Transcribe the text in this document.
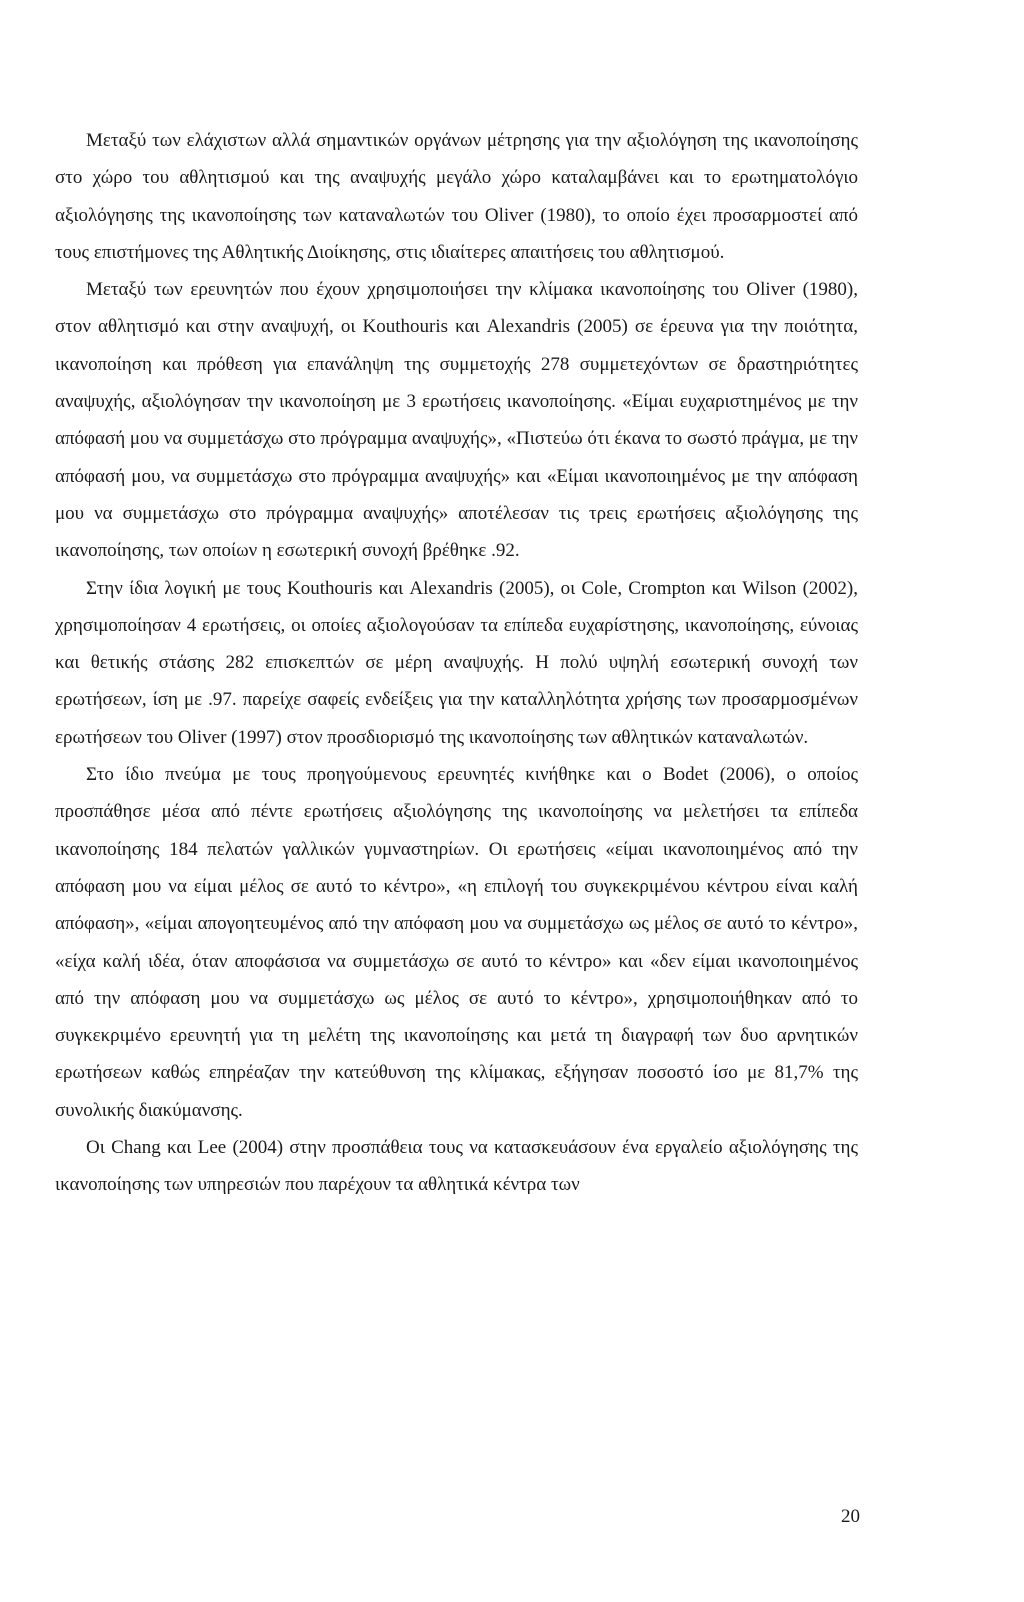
Μεταξύ των ελάχιστων αλλά σημαντικών οργάνων μέτρησης για την αξιολόγηση της ικανοποίησης στο χώρο του αθλητισμού και της αναψυχής μεγάλο χώρο καταλαμβάνει και το ερωτηματολόγιο αξιολόγησης της ικανοποίησης των καταναλωτών του Oliver (1980), το οποίο έχει προσαρμοστεί από τους επιστήμονες της Αθλητικής Διοίκησης, στις ιδιαίτερες απαιτήσεις του αθλητισμού.

Μεταξύ των ερευνητών που έχουν χρησιμοποιήσει την κλίμακα ικανοποίησης του Oliver (1980), στον αθλητισμό και στην αναψυχή, οι Kouthouris και Alexandris (2005) σε έρευνα για την ποιότητα, ικανοποίηση και πρόθεση για επανάληψη της συμμετοχής 278 συμμετεχόντων σε δραστηριότητες αναψυχής, αξιολόγησαν την ικανοποίηση με 3 ερωτήσεις ικανοποίησης. «Είμαι ευχαριστημένος με την απόφασή μου να συμμετάσχω στο πρόγραμμα αναψυχής», «Πιστεύω ότι έκανα το σωστό πράγμα, με την απόφασή μου, να συμμετάσχω στο πρόγραμμα αναψυχής» και «Είμαι ικανοποιημένος με την απόφαση μου να συμμετάσχω στο πρόγραμμα αναψυχής» αποτέλεσαν τις τρεις ερωτήσεις αξιολόγησης της ικανοποίησης, των οποίων η εσωτερική συνοχή βρέθηκε .92.

Στην ίδια λογική με τους Kouthouris και Alexandris (2005), οι Cole, Crompton και Wilson (2002), χρησιμοποίησαν 4 ερωτήσεις, οι οποίες αξιολογούσαν τα επίπεδα ευχαρίστησης, ικανοποίησης, εύνοιας και θετικής στάσης 282 επισκεπτών σε μέρη αναψυχής. Η πολύ υψηλή εσωτερική συνοχή των ερωτήσεων, ίση με .97. παρείχε σαφείς ενδείξεις για την καταλληλότητα χρήσης των προσαρμοσμένων ερωτήσεων του Oliver (1997) στον προσδιορισμό της ικανοποίησης των αθλητικών καταναλωτών.

Στο ίδιο πνεύμα με τους προηγούμενους ερευνητές κινήθηκε και ο Bodet (2006), ο οποίος προσπάθησε μέσα από πέντε ερωτήσεις αξιολόγησης της ικανοποίησης να μελετήσει τα επίπεδα ικανοποίησης 184 πελατών γαλλικών γυμναστηρίων. Οι ερωτήσεις «είμαι ικανοποιημένος από την απόφαση μου να είμαι μέλος σε αυτό το κέντρο», «η επιλογή του συγκεκριμένου κέντρου είναι καλή απόφαση», «είμαι απογοητευμένος από την απόφαση μου να συμμετάσχω ως μέλος σε αυτό το κέντρο», «είχα καλή ιδέα, όταν αποφάσισα να συμμετάσχω σε αυτό το κέντρο» και «δεν είμαι ικανοποιημένος από την απόφαση μου να συμμετάσχω ως μέλος σε αυτό το κέντρο», χρησιμοποιήθηκαν από το συγκεκριμένο ερευνητή για τη μελέτη της ικανοποίησης και μετά τη διαγραφή των δυο αρνητικών ερωτήσεων καθώς επηρέαζαν την κατεύθυνση της κλίμακας, εξήγησαν ποσοστό ίσο με 81,7% της συνολικής διακύμανσης.

Οι Chang και Lee (2004) στην προσπάθεια τους να κατασκευάσουν ένα εργαλείο αξιολόγησης της ικανοποίησης των υπηρεσιών που παρέχουν τα αθλητικά κέντρα των

20
